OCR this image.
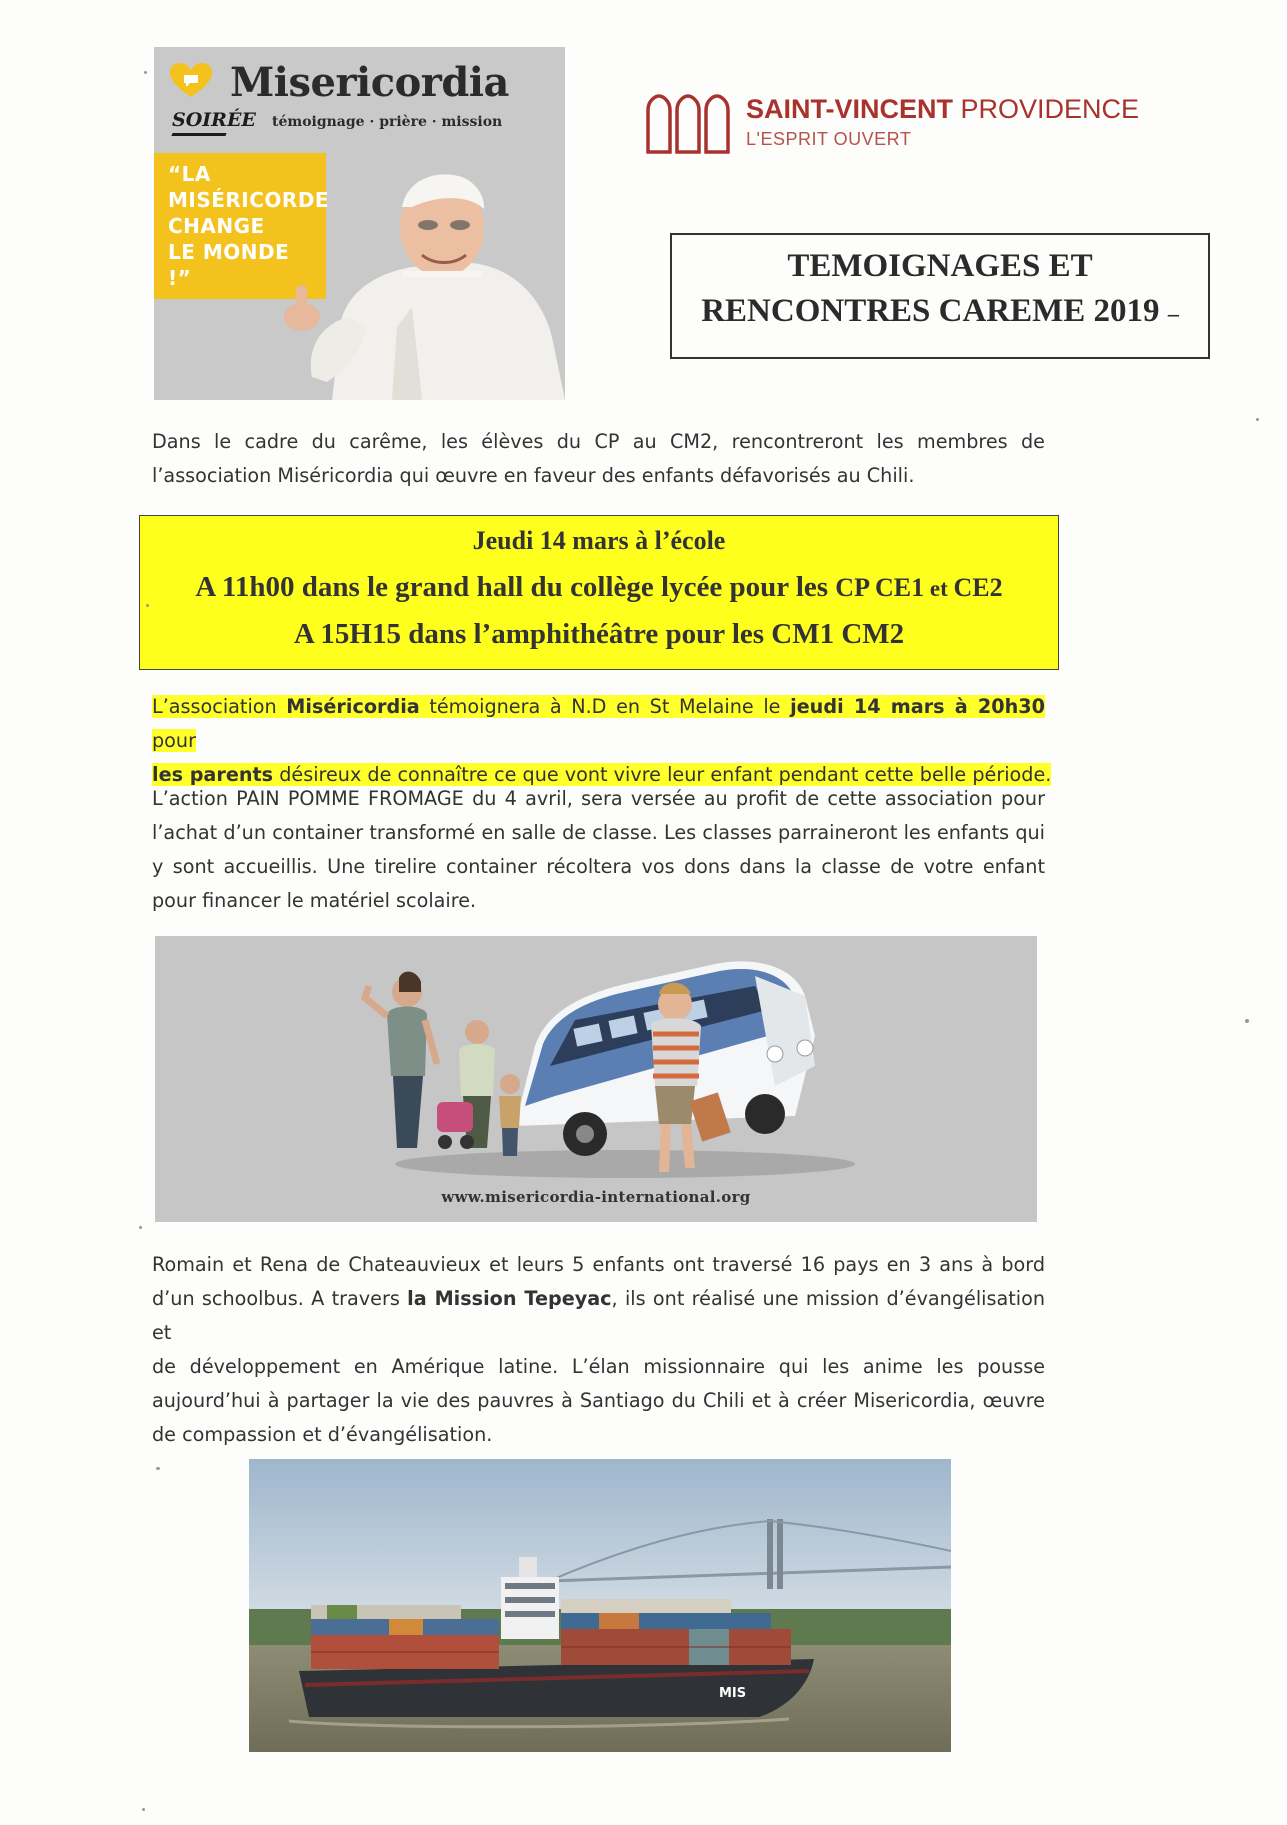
Misericordia
SOIRÉE témoignage · prière · mission
“LA
MISÉRICORDE
CHANGE
LE MONDE !”
SAINT-VINCENT PROVIDENCE
L'ESPRIT OUVERT
TEMOIGNAGES ET
RENCONTRES CAREME 2019 –
Dans le cadre du carême, les élèves du CP au CM2, rencontreront les membres de
l’association Miséricordia qui œuvre en faveur des enfants défavorisés au Chili.
Jeudi 14 mars à l’école
A 11h00 dans le grand hall du collège lycée pour les CP CE1 et CE2
A 15H15 dans l’amphithéâtre pour les CM1 CM2
L’association Miséricordia témoignera à N.D en St Melaine le jeudi 14 mars à 20h30 pour
les parents désireux de connaître ce que vont vivre leur enfant pendant cette belle période.
L’action PAIN POMME FROMAGE du 4 avril, sera versée au profit de cette association pour
l’achat d’un container transformé en salle de classe. Les classes parraineront les enfants qui
y sont accueillis. Une tirelire container récoltera vos dons dans la classe de votre enfant
pour financer le matériel scolaire.
www.misericordia-international.org
Romain et Rena de Chateauvieux et leurs 5 enfants ont traversé 16 pays en 3 ans à bord
d’un schoolbus. A travers la Mission Tepeyac, ils ont réalisé une mission d’évangélisation et
de développement en Amérique latine. L’élan missionnaire qui les anime les pousse
aujourd’hui à partager la vie des pauvres à Santiago du Chili et à créer Misericordia, œuvre
de compassion et d’évangélisation.
MIS
